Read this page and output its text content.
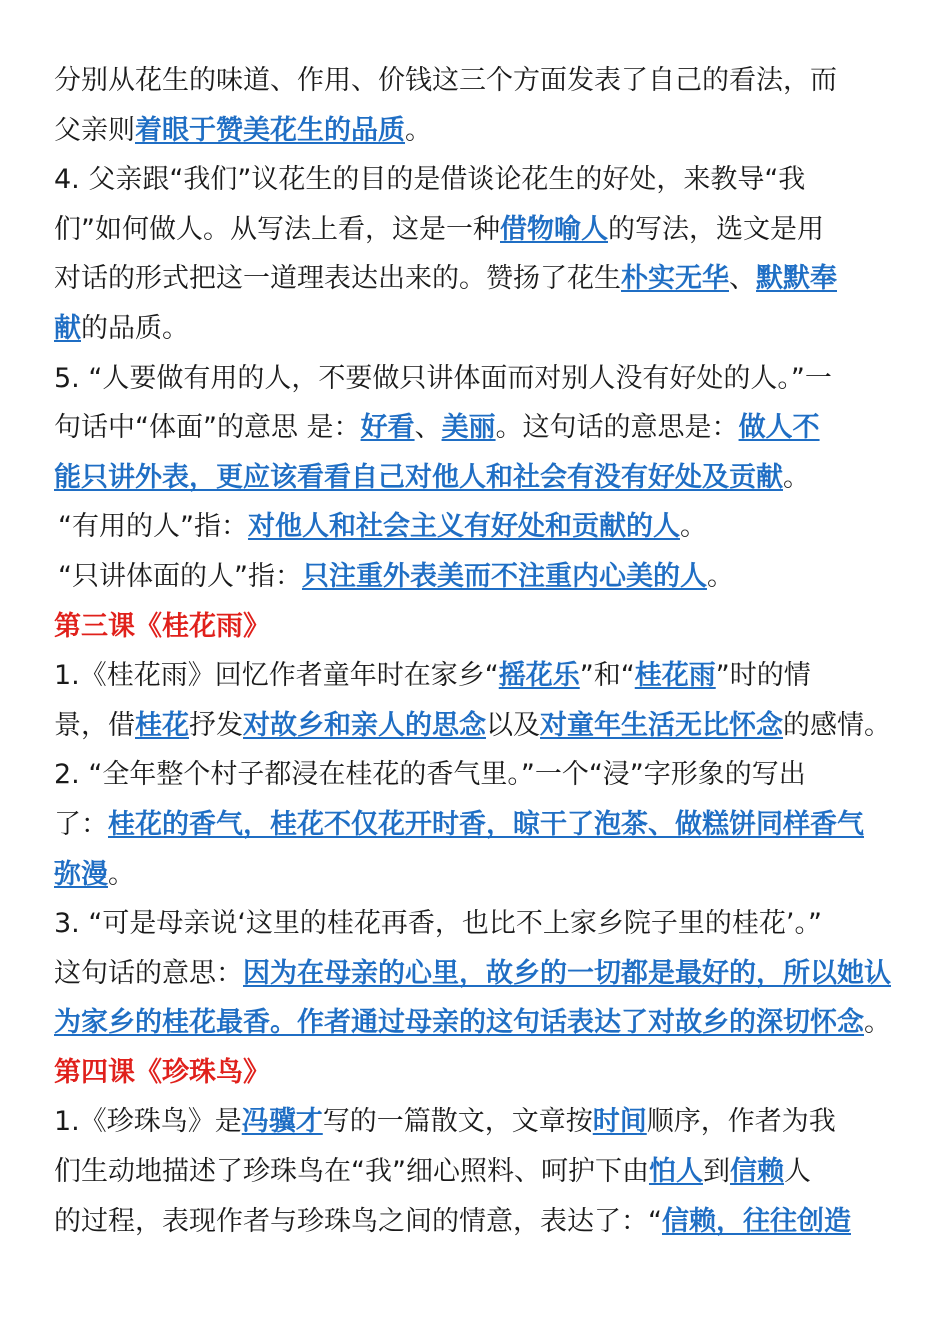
分别从花生的味道、作用、价钱这三个方面发表了自己的看法，而
父亲则着眼于赞美花生的品质。
4. 父亲跟“我们”议花生的目的是借谈论花生的好处，来教导“我
们”如何做人。从写法上看，这是一种借物喻人的写法，选文是用
对话的形式把这一道理表达出来的。赞扬了花生朴实无华、默默奉
献的品质。
5. “人要做有用的人，不要做只讲体面而对别人没有好处的人。”一
句话中“体面”的意思 是：好看、美丽。这句话的意思是：做人不
能只讲外表，更应该看看自己对他人和社会有没有好处及贡献。
“有用的人”指：对他人和社会主义有好处和贡献的人。
“只讲体面的人”指：只注重外表美而不注重内心美的人。
第三课《桂花雨》
1.《桂花雨》回忆作者童年时在家乡“摇花乐”和“桂花雨”时的情
景，借桂花抒发对故乡和亲人的思念以及对童年生活无比怀念的感情。
2. “全年整个村子都浸在桂花的香气里。”一个“浸”字形象的写出
了：桂花的香气，桂花不仅花开时香，晾干了泡茶、做糕饼同样香气
弥漫。
3. “可是母亲说‘这里的桂花再香，也比不上家乡院子里的桂花’。”
这句话的意思：因为在母亲的心里，故乡的一切都是最好的，所以她认
为家乡的桂花最香。作者通过母亲的这句话表达了对故乡的深切怀念。
第四课《珍珠鸟》
1.《珍珠鸟》是冯骥才写的一篇散文，文章按时间顺序，作者为我
们生动地描述了珍珠鸟在“我”细心照料、呵护下由怕人到信赖人
的过程，表现作者与珍珠鸟之间的情意，表达了：“信赖，往往创造
